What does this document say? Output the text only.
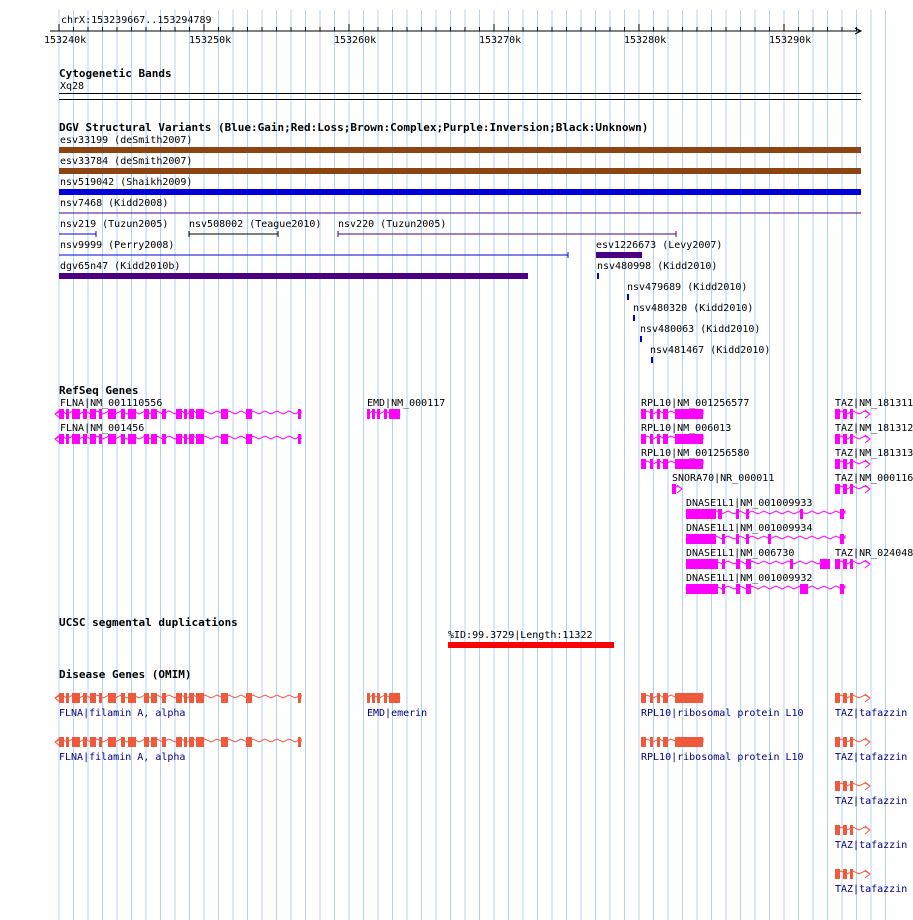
chrX:153239667..153294789
153240k	153250k	153260k	153270k	153280k	153290k
Cytogenetic Bands
Xq28
DGV Structural Variants (Blue:Gain;Red:Loss;Brown:Complex;Purple:Inversion;Black:Unknown)
esv33199 (deSmith2007)
esv33784 (deSmith2007)
nsv519042 (Shaikh2009)
nsv7468 (Kidd2008)
nsv219 (Tuzun2005) nsv508002 (Teague2010) nsv220 (Tuzun2005)
nsv9999 (Perry2008)	esv1226673 (Levy2007)
dgv65n47 (Kidd2010b)	nsv480998 (Kidd2010)
nsv479689 (Kidd2010)
nsv480320 (Kidd2010)
nsv480063 (Kidd2010)
nsv481467 (Kidd2010)
RefSeq Genes
FLNA|NM_001110556
FLNA|NM_001456
EMD|NM_000117	RPL10|NM_001256577
RPL10|NM_006013
RPL10|NM_001256580
SNORA70|NR_000011
DNASE1L1|NM_001009933
DNASE1L1|NM_001009934
DNASE1L1|NM_006730
DNASE1L1|NM_001009932
TAZ|NM_181311
TAZ|NM_181312
TAZ|NM_181313
TAZ|NM_000116
TAZ|NR_024048
UCSC segmental duplications
%ID:99.3729|Length:11322
Disease Genes (OMIM)
FLNA|filamin A, alpha
FLNA|filamin A, alpha
EMD|emerin	RPL10|ribosomal protein L10
RPL10|ribosomal protein L10
TAZ|tafazzin
TAZ|tafazzin
TAZ|tafazzin
TAZ|tafazzin
TAZ|tafazzin
